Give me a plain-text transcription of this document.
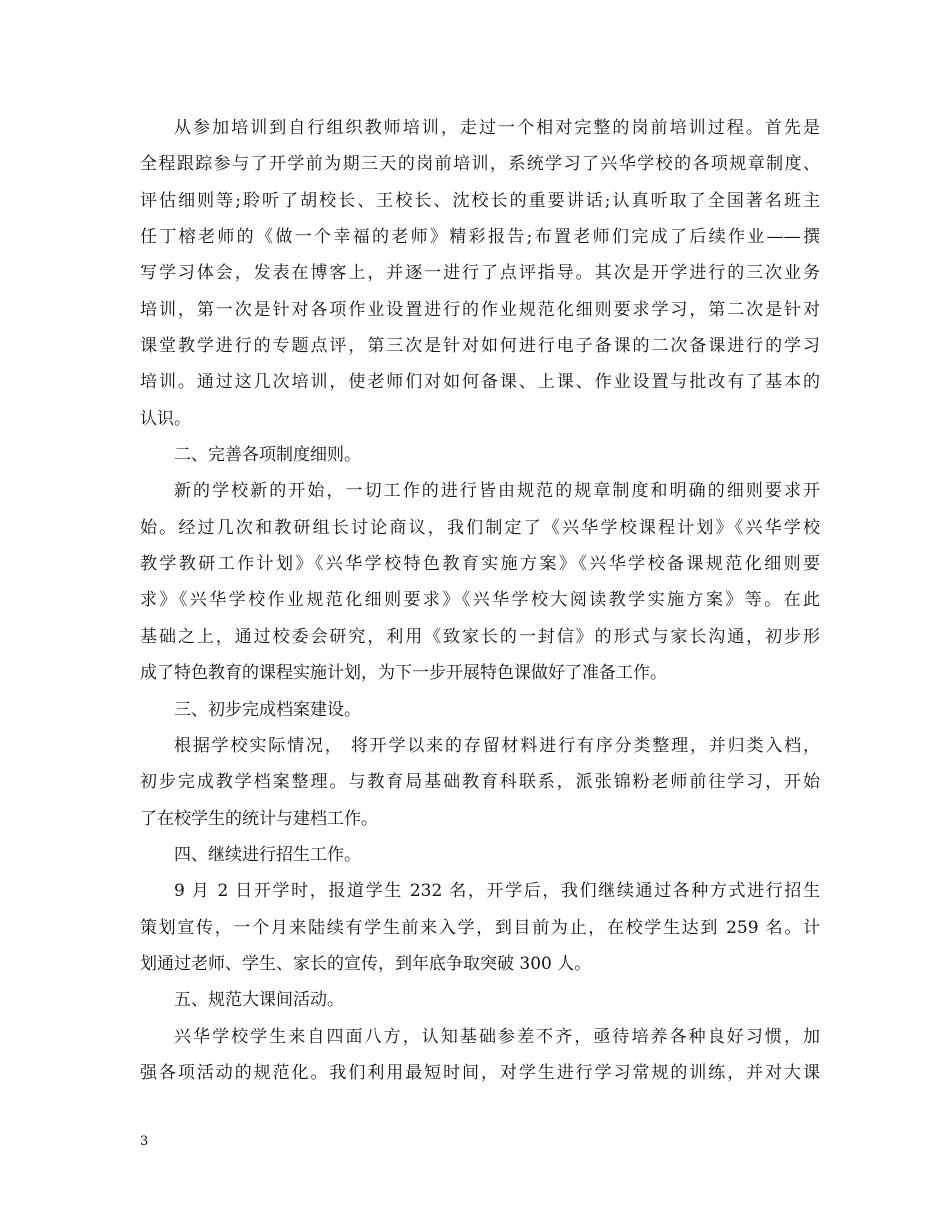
从参加培训到自行组织教师培训，走过一个相对完整的岗前培训过程。首先是
全程跟踪参与了开学前为期三天的岗前培训，系统学习了兴华学校的各项规章制度、
评估细则等;聆听了胡校长、王校长、沈校长的重要讲话;认真听取了全国著名班主
任丁榕老师的《做一个幸福的老师》精彩报告;布置老师们完成了后续作业——撰
写学习体会，发表在博客上，并逐一进行了点评指导。其次是开学进行的三次业务
培训，第一次是针对各项作业设置进行的作业规范化细则要求学习，第二次是针对
课堂教学进行的专题点评，第三次是针对如何进行电子备课的二次备课进行的学习
培训。通过这几次培训，使老师们对如何备课、上课、作业设置与批改有了基本的
认识。
二、完善各项制度细则。
新的学校新的开始，一切工作的进行皆由规范的规章制度和明确的细则要求开
始。经过几次和教研组长讨论商议，我们制定了《兴华学校课程计划》《兴华学校
教学教研工作计划》《兴华学校特色教育实施方案》《兴华学校备课规范化细则要
求》《兴华学校作业规范化细则要求》《兴华学校大阅读教学实施方案》等。在此
基础之上，通过校委会研究，利用《致家长的一封信》的形式与家长沟通，初步形
成了特色教育的课程实施计划，为下一步开展特色课做好了准备工作。
三、初步完成档案建设。
根据学校实际情况， 将开学以来的存留材料进行有序分类整理，并归类入档，
初步完成教学档案整理。与教育局基础教育科联系，派张锦粉老师前往学习，开始
了在校学生的统计与建档工作。
四、继续进行招生工作。
9 月 2 日开学时，报道学生 232 名，开学后，我们继续通过各种方式进行招生
策划宣传，一个月来陆续有学生前来入学，到目前为止，在校学生达到 259 名。计
划通过老师、学生、家长的宣传，到年底争取突破 300 人。
五、规范大课间活动。
兴华学校学生来自四面八方，认知基础参差不齐，亟待培养各种良好习惯，加
强各项活动的规范化。我们利用最短时间，对学生进行学习常规的训练，并对大课
3
